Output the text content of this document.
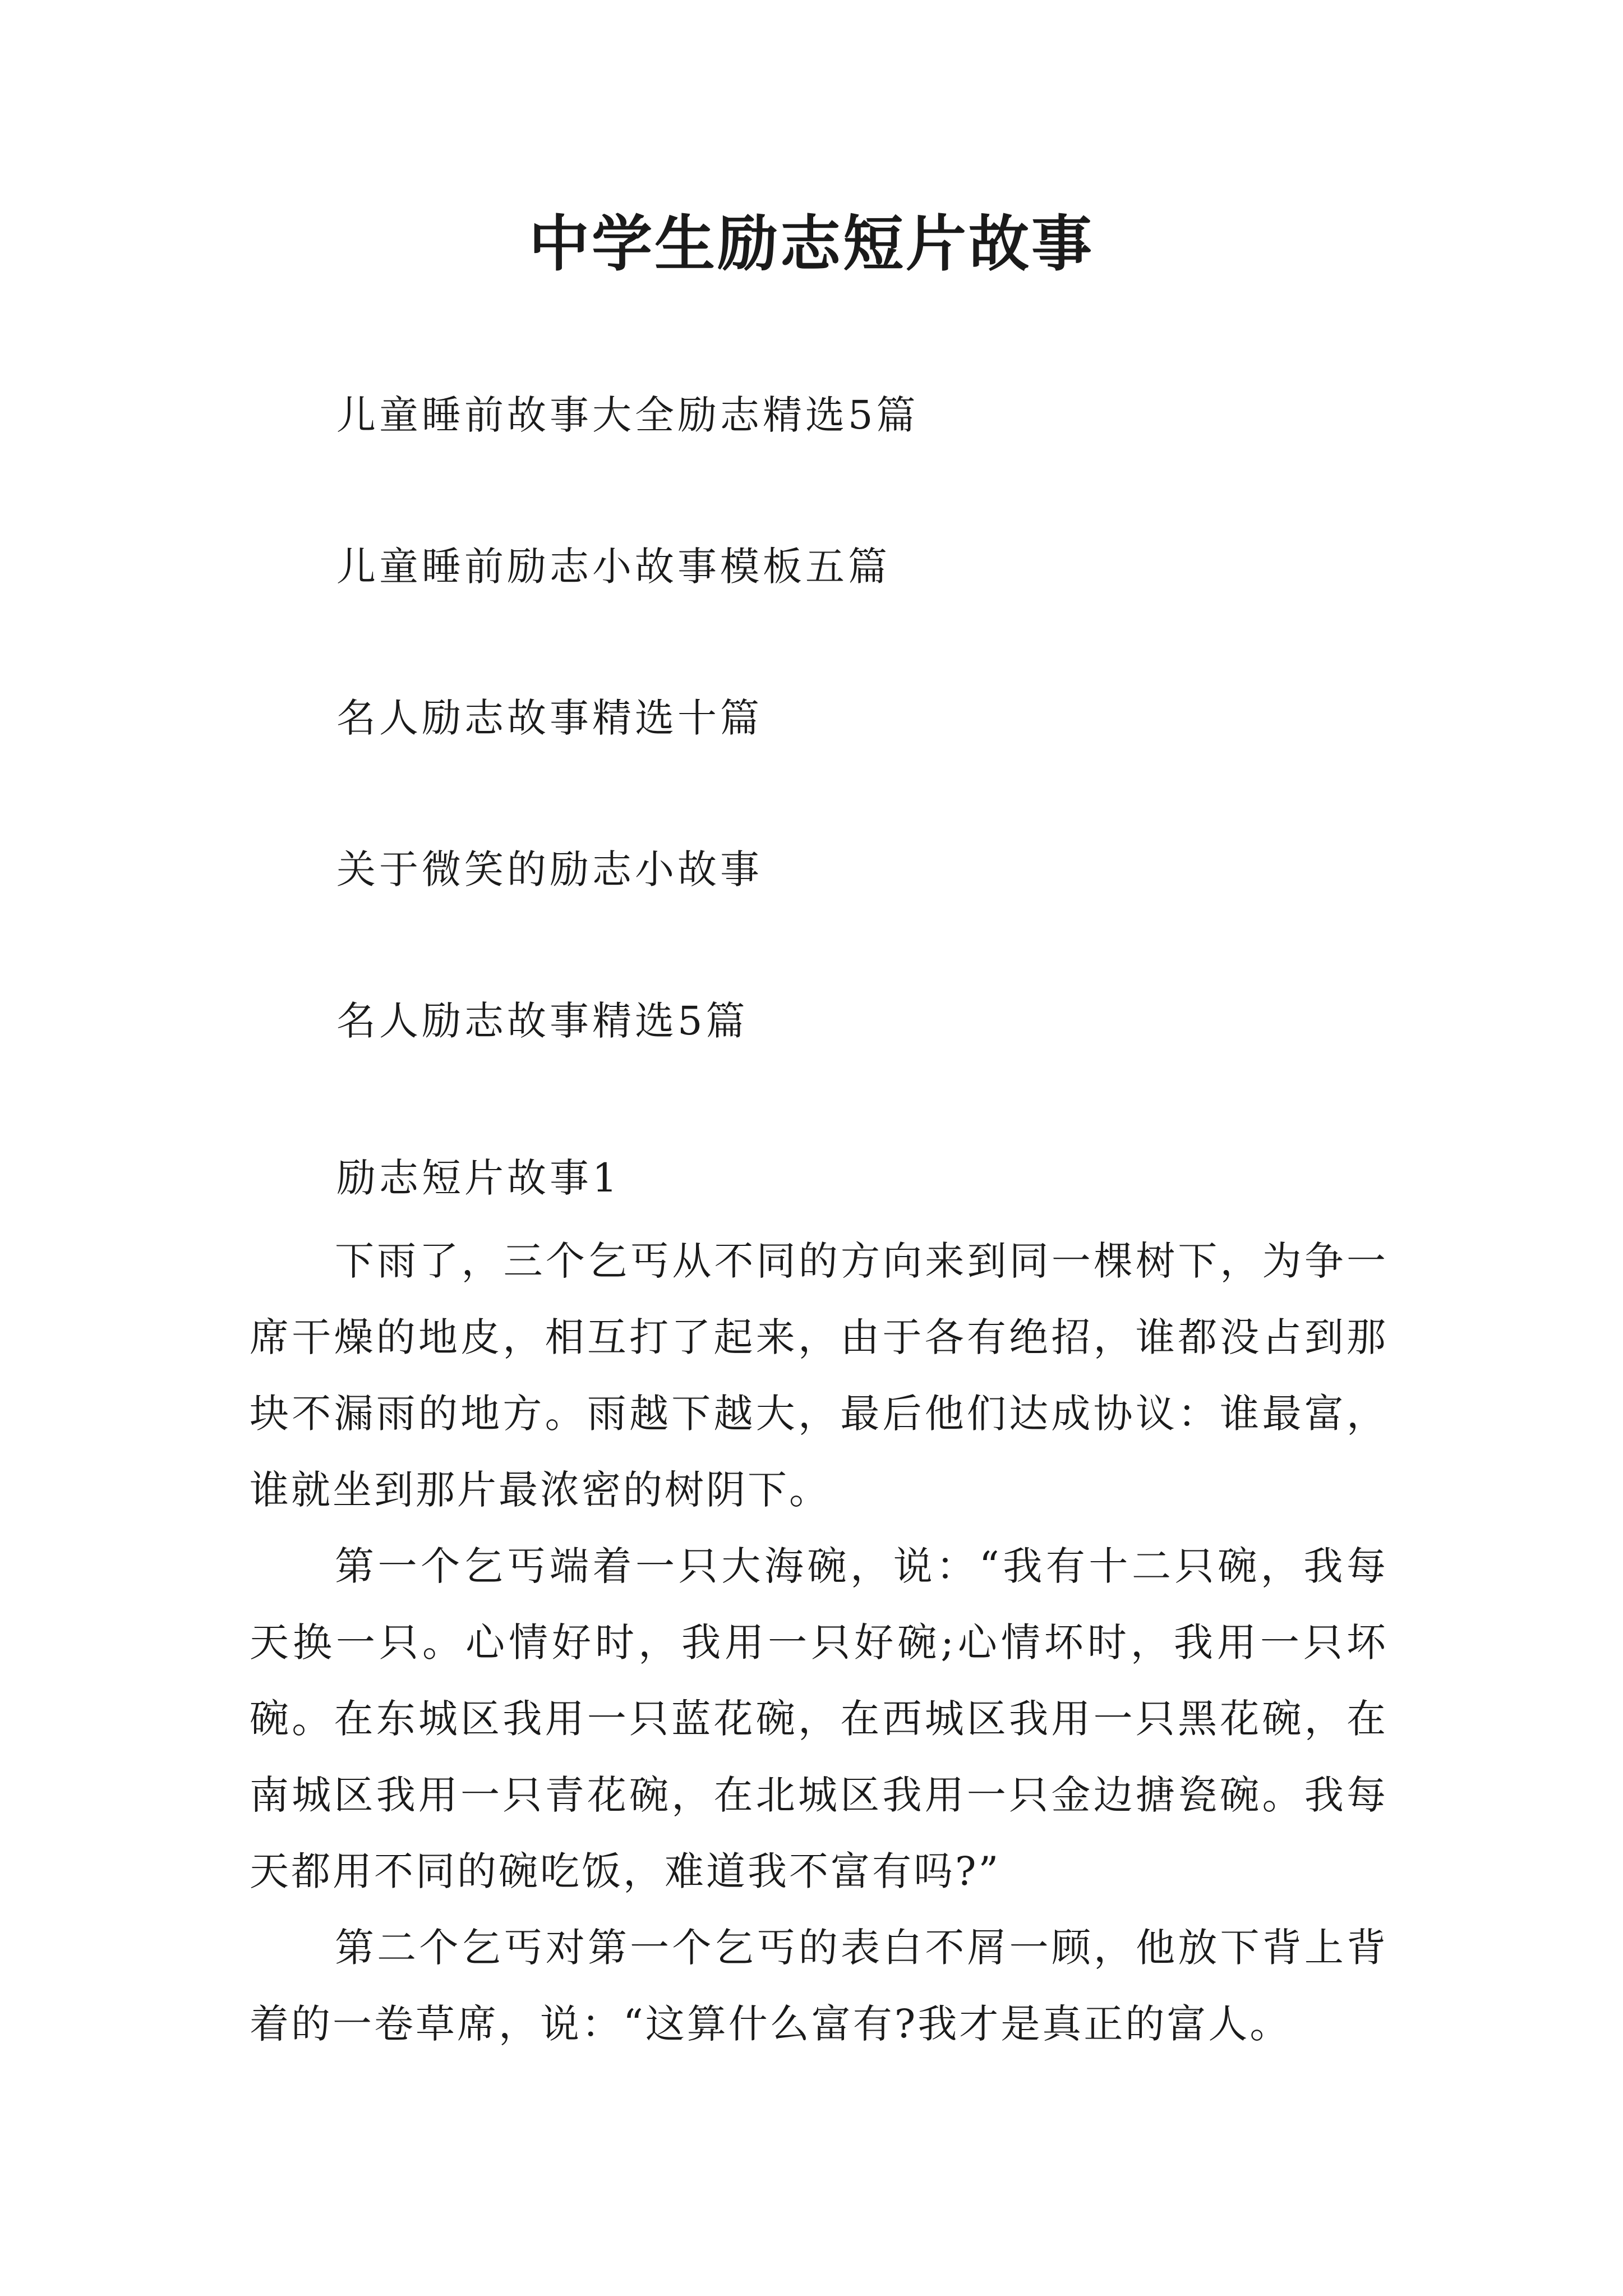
中学生励志短片故事
儿童睡前故事大全励志精选5篇
儿童睡前励志小故事模板五篇
名人励志故事精选十篇
关于微笑的励志小故事
名人励志故事精选5篇
励志短片故事1

下雨了，三个乞丐从不同的方向来到同一棵树下，为争一席干燥的地皮，相互打了起来，由于各有绝招，谁都没占到那块不漏雨的地方。雨越下越大，最后他们达成协议：谁最富，谁就坐到那片最浓密的树阴下。

第一个乞丐端着一只大海碗，说：“我有十二只碗，我每天换一只。心情好时，我用一只好碗;心情坏时，我用一只坏碗。在东城区我用一只蓝花碗，在西城区我用一只黑花碗，在南城区我用一只青花碗，在北城区我用一只金边搪瓷碗。我每天都用不同的碗吃饭，难道我不富有吗?”

第二个乞丐对第一个乞丐的表白不屑一顾，他放下背上背着的一卷草席，说：“这算什么富有?我才是真正的富人。
